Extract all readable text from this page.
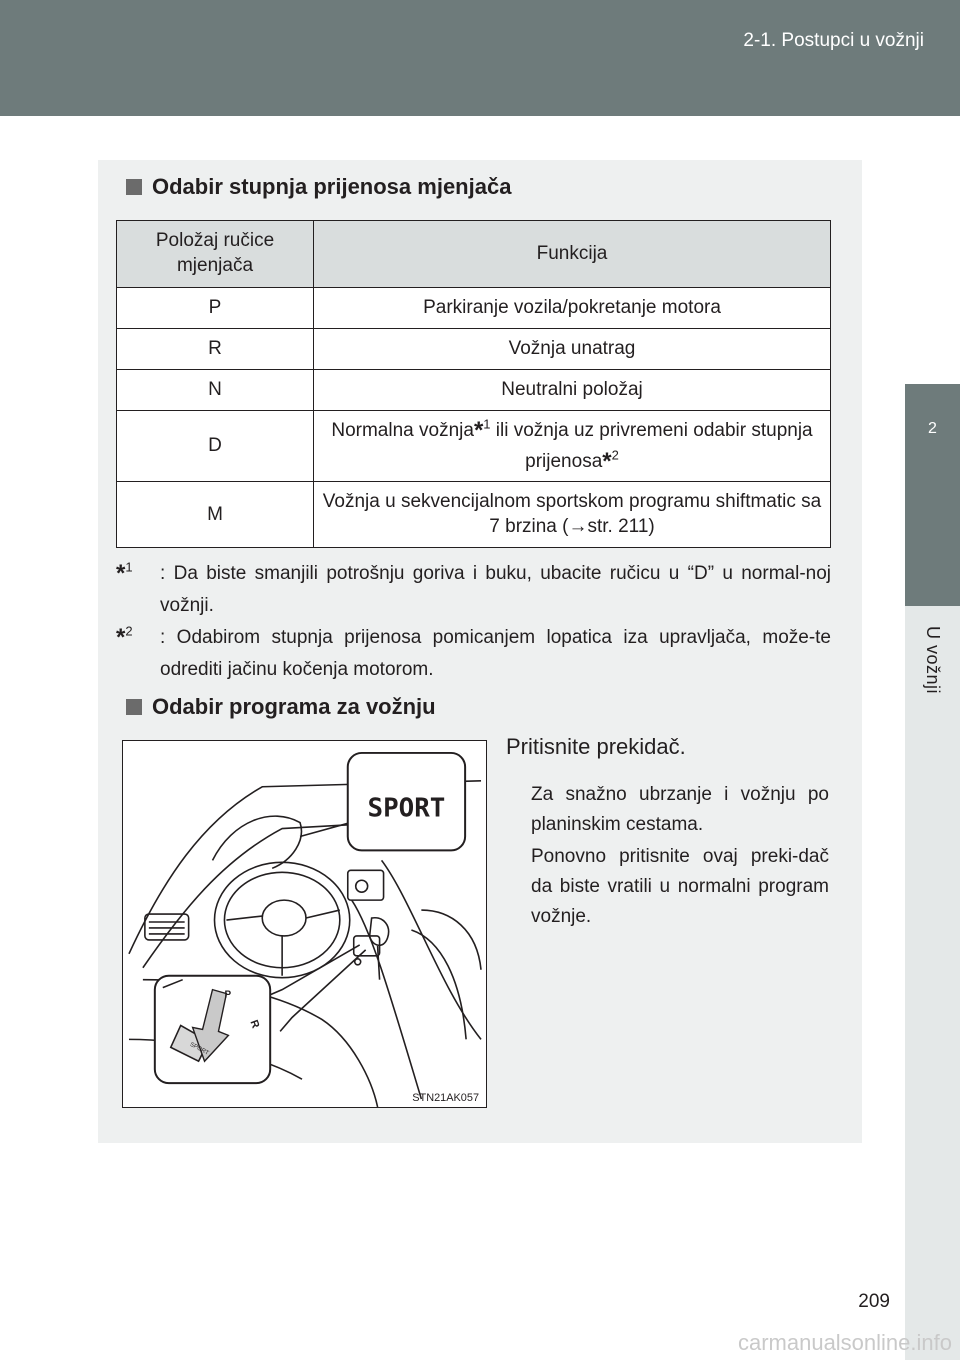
2-1. Postupci u vožnji
2
U vožnji
Odabir stupnja prijenosa mjenjača
Položaj ručice mjenjača	Funkcija
P	Parkiranje vozila/pokretanje motora
R	Vožnja unatrag
N	Neutralni položaj
D	Normalna vožnja*$^1$ ili vožnja uz privremeni odabir stupnja prijenosa*$^2$
M	Vožnja u sekvencijalnom sportskom programu shiftmatic sa 7 brzina (→str. 211)
*$^1$ : Da biste smanjili potrošnju goriva i buku, ubacite ručicu u “D” u normal-noj vožnji.
*$^2$ : Odabirom stupnja prijenosa pomicanjem lopatica iza upravljača, može-te odrediti jačinu kočenja motorom.
Odabir programa za vožnju
SPORT
SPORT
P
R
STN21AK057
Pritisnite prekidač.
Za snažno ubrzanje i vožnju po planinskim cestama.
Ponovno pritisnite ovaj preki-dač da biste vratili u normalni program vožnje.
209
carmanualsonline.info
